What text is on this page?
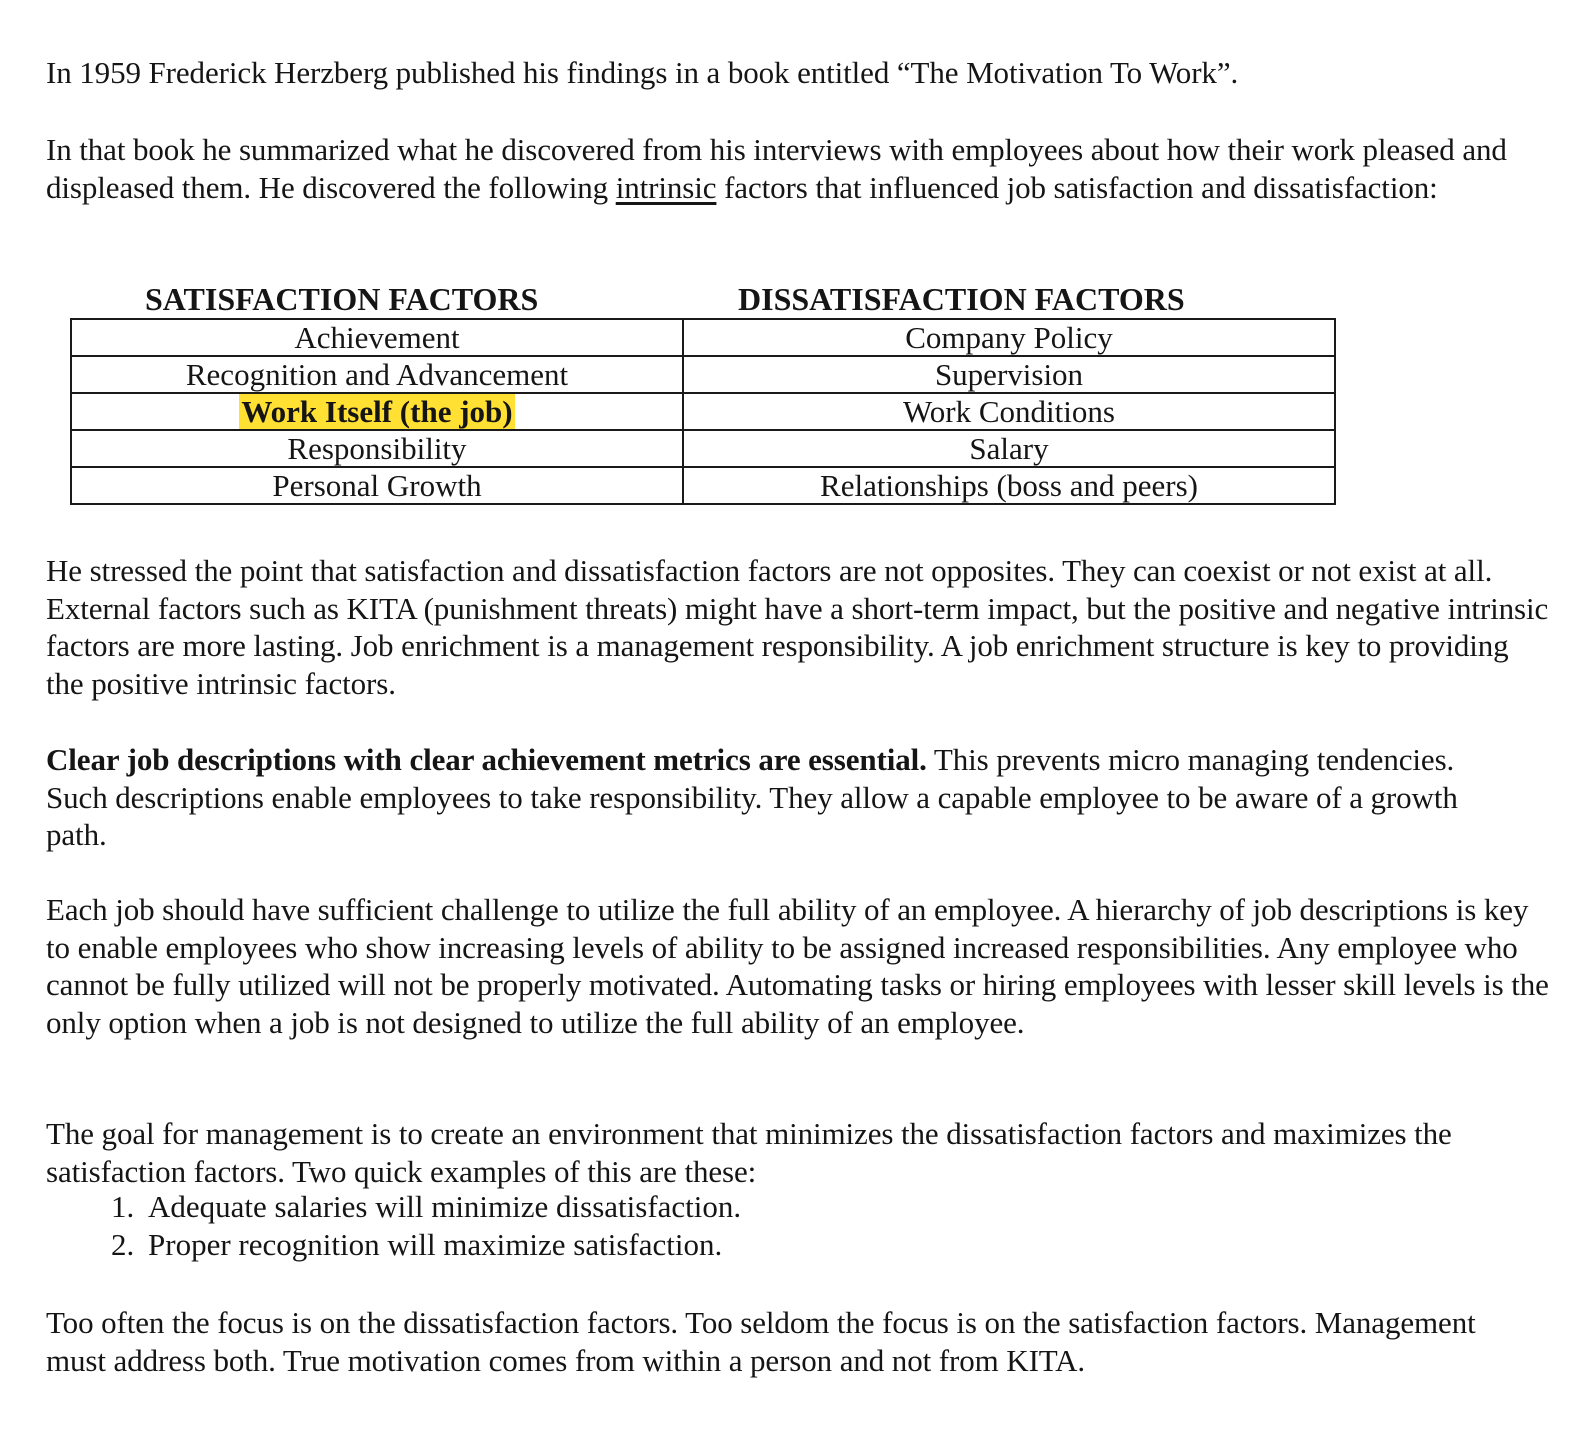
In 1959 Frederick Herzberg published his findings in a book entitled “The Motivation To Work”.

In that book he summarized what he discovered from his interviews with employees about how their work pleased and displeased them. He discovered the following intrinsic factors that influenced job satisfaction and dissatisfaction:

SATISFACTION FACTORS	DISSATISFACTION FACTORS
Achievement	Company Policy
Recognition and Advancement	Supervision
Work Itself (the job)	Work Conditions
Responsibility	Salary
Personal Growth	Relationships (boss and peers)

He stressed the point that satisfaction and dissatisfaction factors are not opposites. They can coexist or not exist at all. External factors such as KITA (punishment threats) might have a short-term impact, but the positive and negative intrinsic factors are more lasting. Job enrichment is a management responsibility. A job enrichment structure is key to providing the positive intrinsic factors.

Clear job descriptions with clear achievement metrics are essential. This prevents micro managing tendencies. Such descriptions enable employees to take responsibility. They allow a capable employee to be aware of a growth path.

Each job should have sufficient challenge to utilize the full ability of an employee. A hierarchy of job descriptions is key to enable employees who show increasing levels of ability to be assigned increased responsibilities. Any employee who cannot be fully utilized will not be properly motivated. Automating tasks or hiring employees with lesser skill levels is the only option when a job is not designed to utilize the full ability of an employee.

The goal for management is to create an environment that minimizes the dissatisfaction factors and maximizes the satisfaction factors. Two quick examples of this are these:

1. Adequate salaries will minimize dissatisfaction.
2. Proper recognition will maximize satisfaction.

Too often the focus is on the dissatisfaction factors. Too seldom the focus is on the satisfaction factors. Management must address both. True motivation comes from within a person and not from KITA.
